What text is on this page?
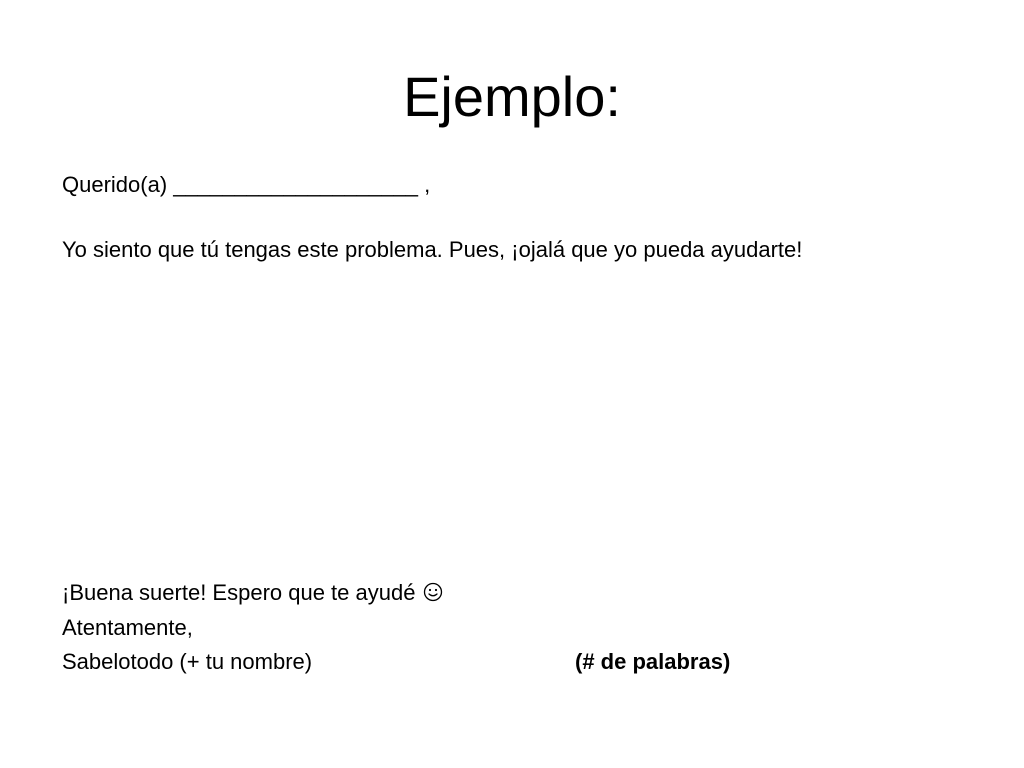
Ejemplo:
Querido(a) ____________________ ,
Yo siento que tú tengas este problema. Pues, ¡ojalá que yo pueda ayudarte!
¡Buena suerte! Espero que te ayudé
Atentamente,
Sabelotodo (+ tu nombre)	(# de palabras)
